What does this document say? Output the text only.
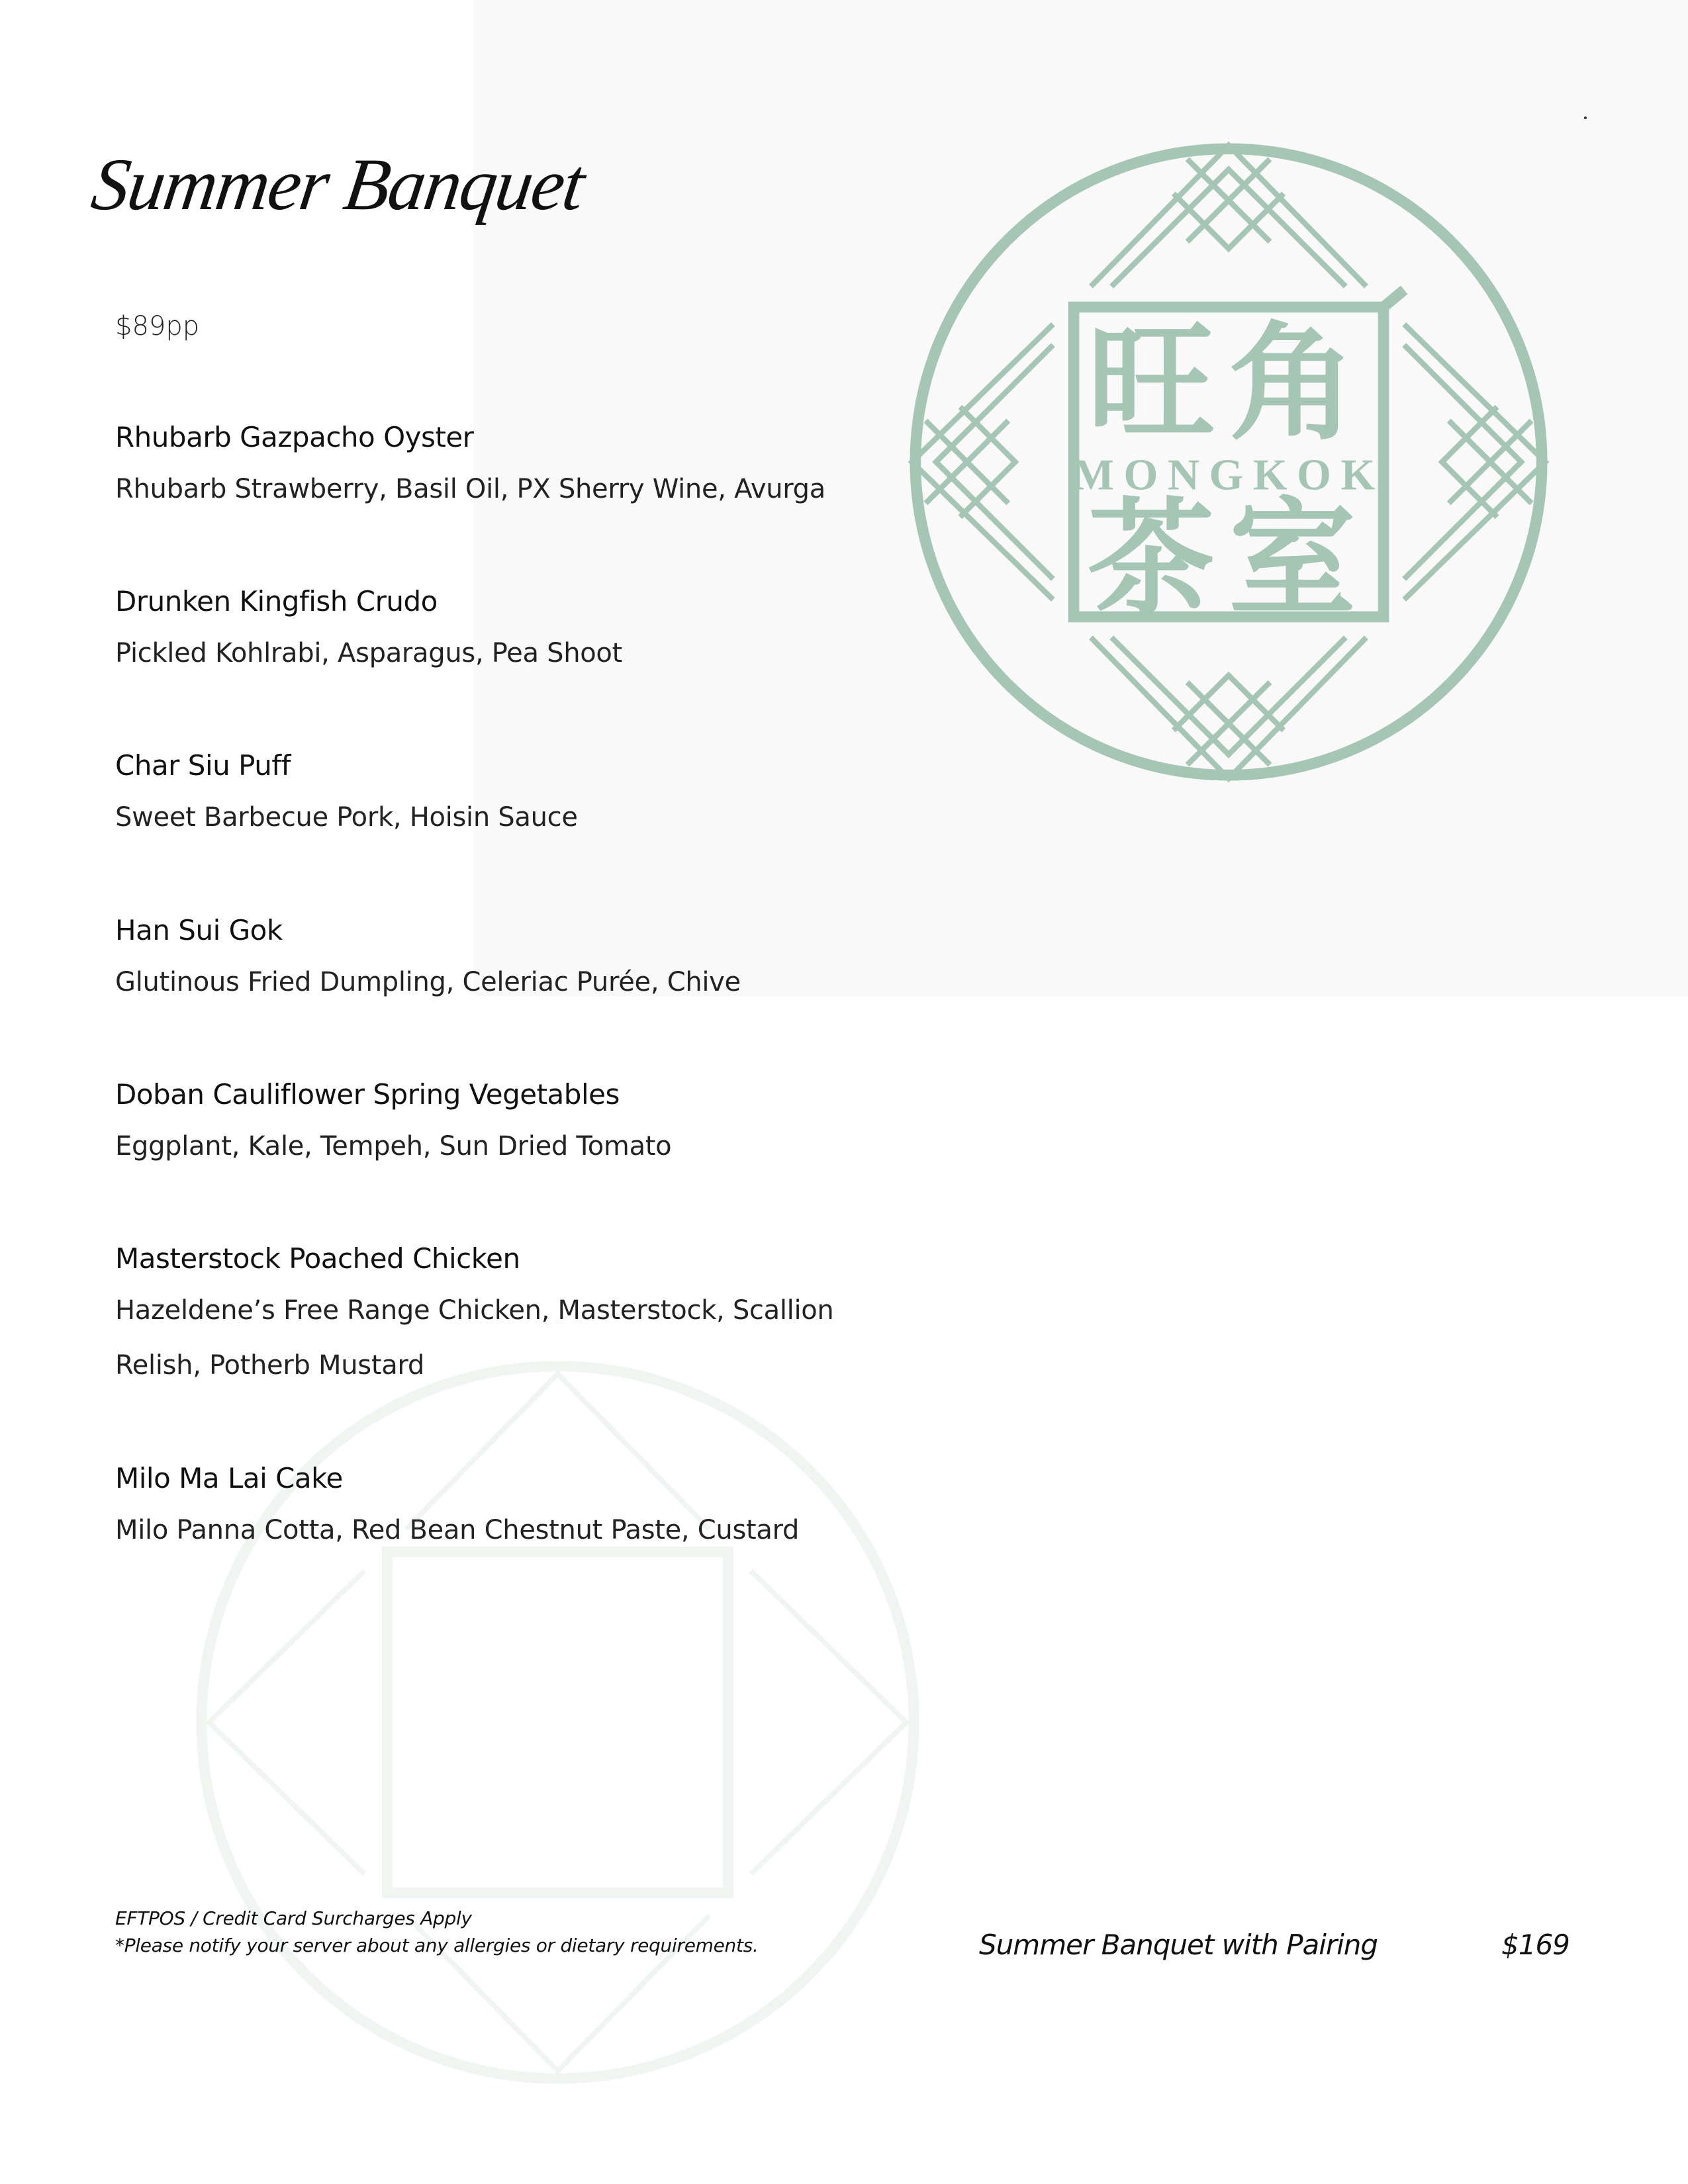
旺角
MONGKOK
茶室
Summer Banquet
$89pp
Rhubarb Gazpacho Oyster
Rhubarb Strawberry, Basil Oil, PX Sherry Wine, Avurga
Drunken Kingfish Crudo
Pickled Kohlrabi, Asparagus, Pea Shoot
Char Siu Puff
Sweet Barbecue Pork, Hoisin Sauce
Han Sui Gok
Glutinous Fried Dumpling, Celeriac Purée, Chive
Doban Cauliflower Spring Vegetables
Eggplant, Kale, Tempeh, Sun Dried Tomato
Masterstock Poached Chicken
Hazeldene’s Free Range Chicken, Masterstock, Scallion Relish, Potherb Mustard
Milo Ma Lai Cake
Milo Panna Cotta, Red Bean Chestnut Paste, Custard
EFTPOS / Credit Card Surcharges Apply
*Please notify your server about any allergies or dietary requirements.	Summer Banquet with Pairing	$169
